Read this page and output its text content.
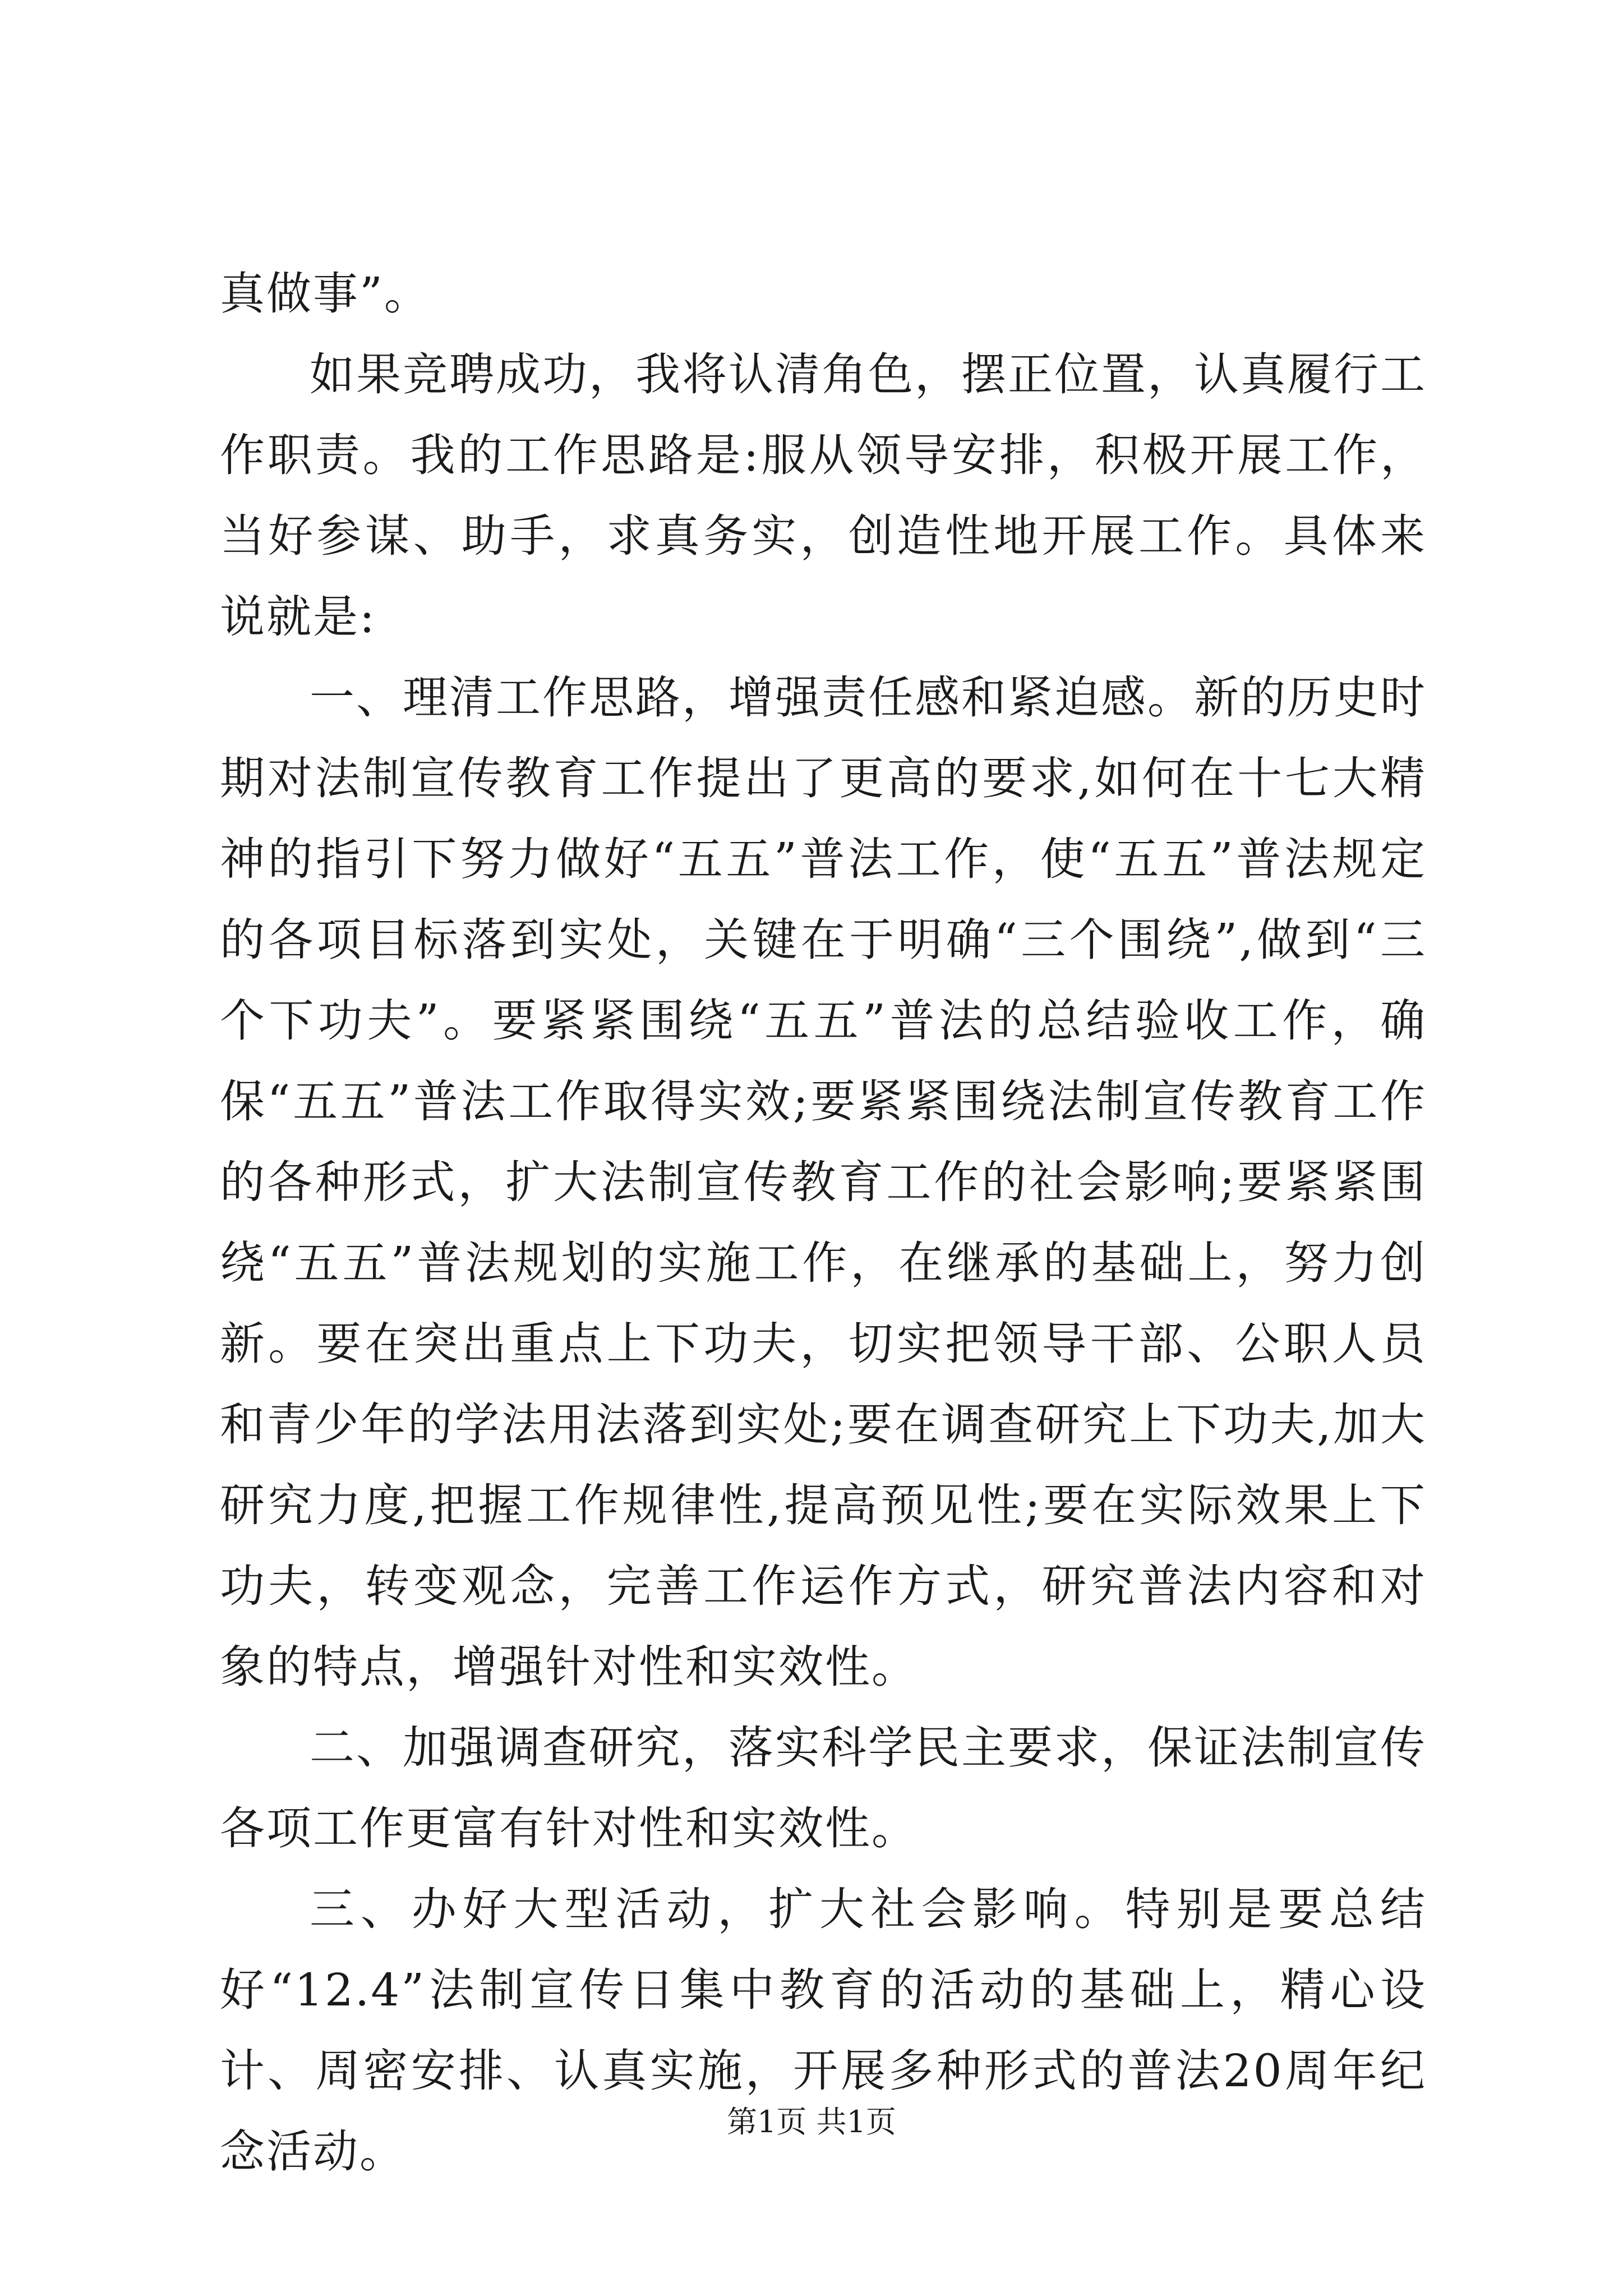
真做事”。

如果竞聘成功，我将认清角色，摆正位置，认真履行工作职责。我的工作思路是:服从领导安排，积极开展工作，当好参谋、助手，求真务实，创造性地开展工作。具体来说就是:

一、理清工作思路，增强责任感和紧迫感。新的历史时期对法制宣传教育工作提出了更高的要求,如何在十七大精神的指引下努力做好“五五”普法工作，使“五五”普法规定的各项目标落到实处，关键在于明确“三个围绕”,做到“三个下功夫”。要紧紧围绕“五五”普法的总结验收工作，确保“五五”普法工作取得实效;要紧紧围绕法制宣传教育工作的各种形式，扩大法制宣传教育工作的社会影响;要紧紧围绕“五五”普法规划的实施工作，在继承的基础上，努力创新。要在突出重点上下功夫，切实把领导干部、公职人员和青少年的学法用法落到实处;要在调查研究上下功夫,加大研究力度,把握工作规律性,提高预见性;要在实际效果上下功夫，转变观念，完善工作运作方式，研究普法内容和对象的特点，增强针对性和实效性。

二、加强调查研究，落实科学民主要求，保证法制宣传各项工作更富有针对性和实效性。

三、办好大型活动，扩大社会影响。特别是要总结好“12.4”法制宣传日集中教育的活动的基础上，精心设计、周密安排、认真实施，开展多种形式的普法20周年纪念活动。

第1页 共1页
